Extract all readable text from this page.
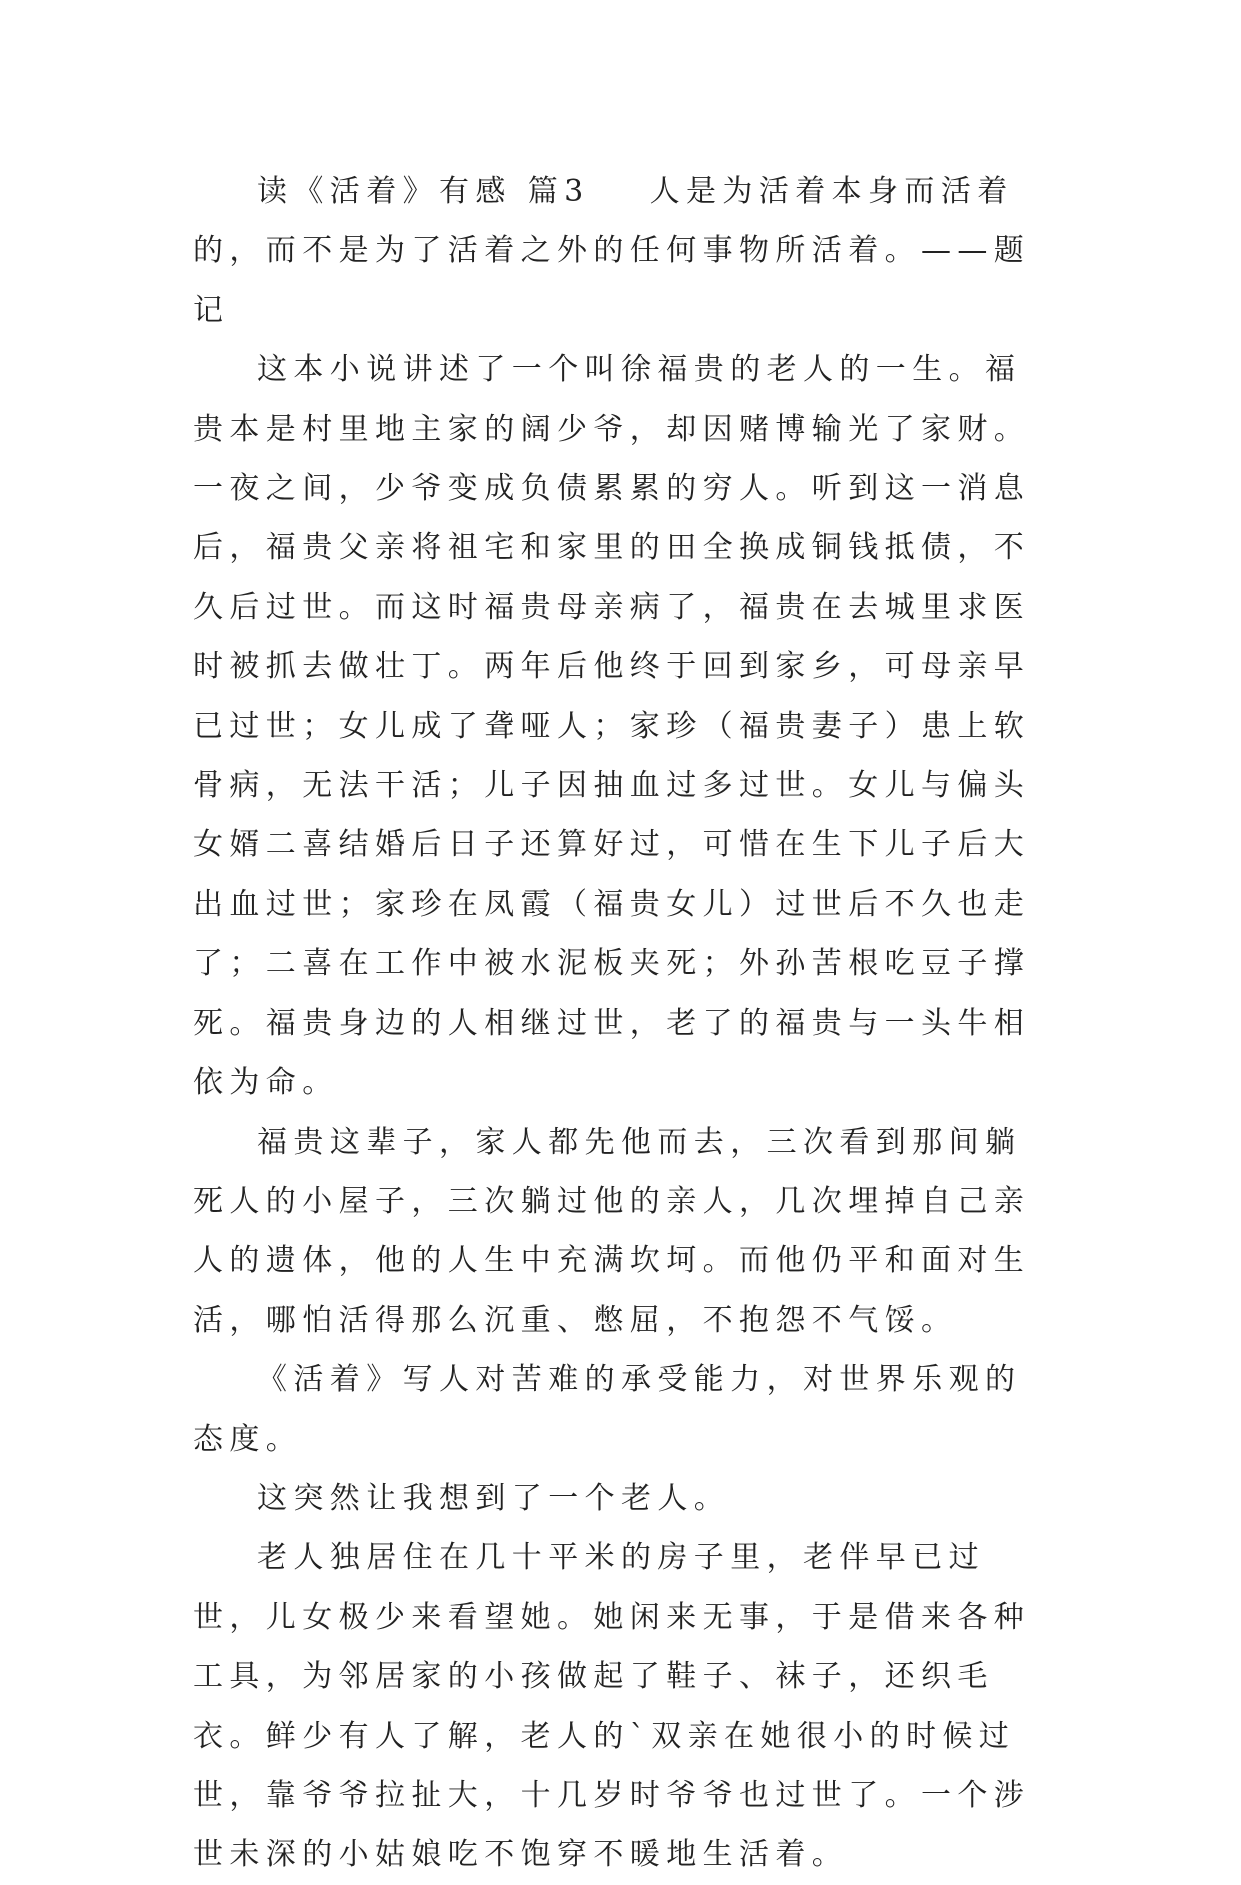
读《活着》有感 篇3 人是为活着本身而活着的，而不是为了活着之外的任何事物所活着。——题记

这本小说讲述了一个叫徐福贵的老人的一生。福贵本是村里地主家的阔少爷，却因赌博输光了家财。一夜之间，少爷变成负债累累的穷人。听到这一消息后，福贵父亲将祖宅和家里的田全换成铜钱抵债，不久后过世。而这时福贵母亲病了，福贵在去城里求医时被抓去做壮丁。两年后他终于回到家乡，可母亲早已过世；女儿成了聋哑人；家珍（福贵妻子）患上软骨病，无法干活；儿子因抽血过多过世。女儿与偏头女婿二喜结婚后日子还算好过，可惜在生下儿子后大出血过世；家珍在凤霞（福贵女儿）过世后不久也走了；二喜在工作中被水泥板夹死；外孙苦根吃豆子撑死。福贵身边的人相继过世，老了的福贵与一头牛相依为命。

福贵这辈子，家人都先他而去，三次看到那间躺死人的小屋子，三次躺过他的亲人，几次埋掉自己亲人的遗体，他的人生中充满坎坷。而他仍平和面对生活，哪怕活得那么沉重、憋屈，不抱怨不气馁。

《活着》写人对苦难的承受能力，对世界乐观的态度。

这突然让我想到了一个老人。

老人独居住在几十平米的房子里，老伴早已过世，儿女极少来看望她。她闲来无事，于是借来各种工具，为邻居家的小孩做起了鞋子、袜子，还织毛衣。鲜少有人了解，老人的`双亲在她很小的时候过世，靠爷爷拉扯大，十几岁时爷爷也过世了。一个涉世未深的小姑娘吃不饱穿不暖地生活着。
